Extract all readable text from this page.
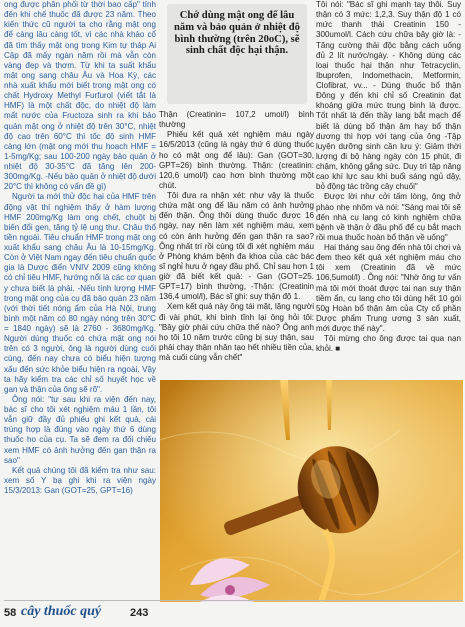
ong được phân phối từ thời bao cấp" tính đến khi chế thuốc đã được 23 năm. Theo kiến thức cũ người ta cho rằng mật ong để càng lâu càng tốt, vì các nhà khảo cổ đã tìm thấy mật ong trong Kim tự tháp Ai Cập đã mấy ngàn năm rồi mà vẫn còn vàng đẹp và thơm. Từ khi ta suất khẩu mật ong sang châu Âu và Hoa Kỳ, các nhà xuất khẩu mới biết trong mật ong có chất Hydroxy Methyl Furfurol (viết tắt là HMF) là một chất độc, do nhiệt độ làm mất nước của Fructoza sinh ra khi bảo quản mật ong ở nhiệt độ trên 30°C, nhiệt độ cao trên 60°C thì tốc độ sinh HMF càng lớn (mật ong mới thu hoạch HMF = 1-5mg/Kg; sau 100-200 ngày bảo quản ở nhiệt độ 30-35°C đã tăng lên 200-300mg/Kg. -Nếu bảo quản ở nhiệt độ dưới 20°C thì không có vấn đề gì)

Người ta mới thử độc hại của HMF trên động vật thí nghiệm thấy ở hàm lượng HMF 200mg/Kg làm ong chết, chuột bị biến đổi gen, tăng tỷ lệ ung thư. Châu thổ tiền ngoài. Tiêu chuẩn HMF trong mật ong xuất khẩu sang châu Âu là 10-15mg/Kg. Còn ở Việt Nam ngay đến tiêu chuẩn quốc gia là Dược điển VNIV 2009 cũng không có chỉ tiêu HMF, hướng nổi là các cơ quan y chưa biết là phải. -Nếu tính lượng HMF trong mật ong của cụ đã bảo quản 23 năm (với thời tiết nóng ẩm của Hà Nội, trung bình một năm có 80 ngày nóng trên 30°C = 1840 ngày) sẽ là 2760 - 3680mg/Kg. Người dùng thuốc có chứa mật ong nói trên có 3 người, ông là người dùng cuối cùng, đến nay chưa có biểu hiện tượng xấu đến sức khỏe biểu hiện ra ngoài. Vậy ta hãy kiểm tra các chỉ số huyết học về gan và thận của ông sẽ rõ".

Ông nói: "tư sau khi ra viện đến nay, bác sĩ cho tôi xét nghiệm máu 1 lần, tôi vẫn giữ đầy đủ phiếu ghi kết quả, cái trùng hợp là đúng vào ngày thứ 6 dùng thuốc ho của cụ. Ta sẽ đem ra đối chiếu xem HMF có ảnh hưởng đến gan thận ra sao"

Kết quả chúng tôi đã kiểm tra như sau: xem số Y bạ ghi khi ra viện ngày 15/3/2013: Gan (GOT=25, GPT=16)

Chớ dùng mật ong để lâu năm và bảo quản ở nhiệt độ bình thường (trên 20oC), sẽ sinh chất độc hại thận.

Thận (Creatinin= 107,2 umol/l) bình thường

Phiếu kết quả xét nghiệm máu ngày 16/5/2013 (cũng là ngày thứ 6 dùng thuốc ho có mật ong để lâu): Gan (GOT=30, GPT=26) bình thường. Thận: (creatinin: 120,6 umol/l) cao hơn bình thường một chút.

Tôi đưa ra nhận xét: như vậy là thuốc chứa mật ong để lâu năm có ảnh hưởng đến thận. Ông thôi dùng thuốc được 16 ngày, nay nên làm xét nghiệm máu, xem có còn ảnh hưởng đến gan thận ra sao? Ông nhất trí rồi cùng tôi đi xét nghiệm máu ở Phòng khám bệnh đa khoa của các bác sĩ nghỉ hưu ở ngay đầu phố. Chỉ sau hơn 1 giờ đã biết kết quả: - Gan (GOT=25. GPT=17) bình thường, -Thận: (Creatinin 136,4 umol/l), Bác sĩ ghi: suy thận độ 1.

Xem kết quả này ông tái mặt, lặng người đi vài phút, khi bình tĩnh lại ông hỏi tôi: "Bây giờ phải cứu chữa thế nào? Ông anh họ tôi 10 năm trước cũng bị suy thận, sau phải chạy thận nhân tạo hết nhiều tiền của, mà cuối cùng vẫn chết"

Tôi nói: "Bác sĩ ghi mạnh tay thôi. Suy thận có 3 mức: 1,2,3. Suy thận độ 1 có mức thanh thải Creatinin 150 - 300umol/l. Cách cứu chữa bây giờ là: -Tăng cường thải độc bằng cách uống đủ 2 lít nước/ngày. - Không dùng các loại thuốc hại thận như Tetracyclin, Ibuprofen, Indomethacin, Metformin, Clofibrat, vv... - Dùng thuốc bổ thận Đông y đến khi chỉ số Creatinin đạt khoảng giữa mức trung bình là được. Tốt nhất là đến thầy lang bắt mạch để biết là dùng bổ thận âm hay bổ thận dương thì hợp với tạng của ông -Tập luyện dưỡng sinh cần lưu ý: Giảm thời lượng đi bộ hàng ngày còn 15 phút, đi chậm, không gắng sức. Duy trì tập năng cao khí lực sau khi buổi sáng ngủ dậy, bỏ động tác trồng cây chuối"

Được lời như cởi tấm lòng, ông thở phào nhẹ nhõm và nói: "Sáng mai tôi sẽ đến nhà cụ lang có kinh nghiệm chữa bệnh về thận ở đầu phố để cụ bắt mạch rồi mua thuốc hoàn bổ thận về uống"

Hai tháng sau ông đến nhà tôi chơi và đem theo kết quả xét nghiệm máu cho tôi xem (Creatinin đã về mức 106,5umol/l) . Ông nói: "Nhờ ông tư vấn mà tôi mới thoát được tai nạn suy thận tiềm ẩn, cụ lang cho tôi dùng hết 10 gói 50g Hoàn bổ thận âm của Cty cổ phần Dược phẩm Trung ương 3 sản xuất, mới được thế này".

Tôi mừng cho ông được tai qua nạn khỏi. ■

58 cây thuốc quý	243
